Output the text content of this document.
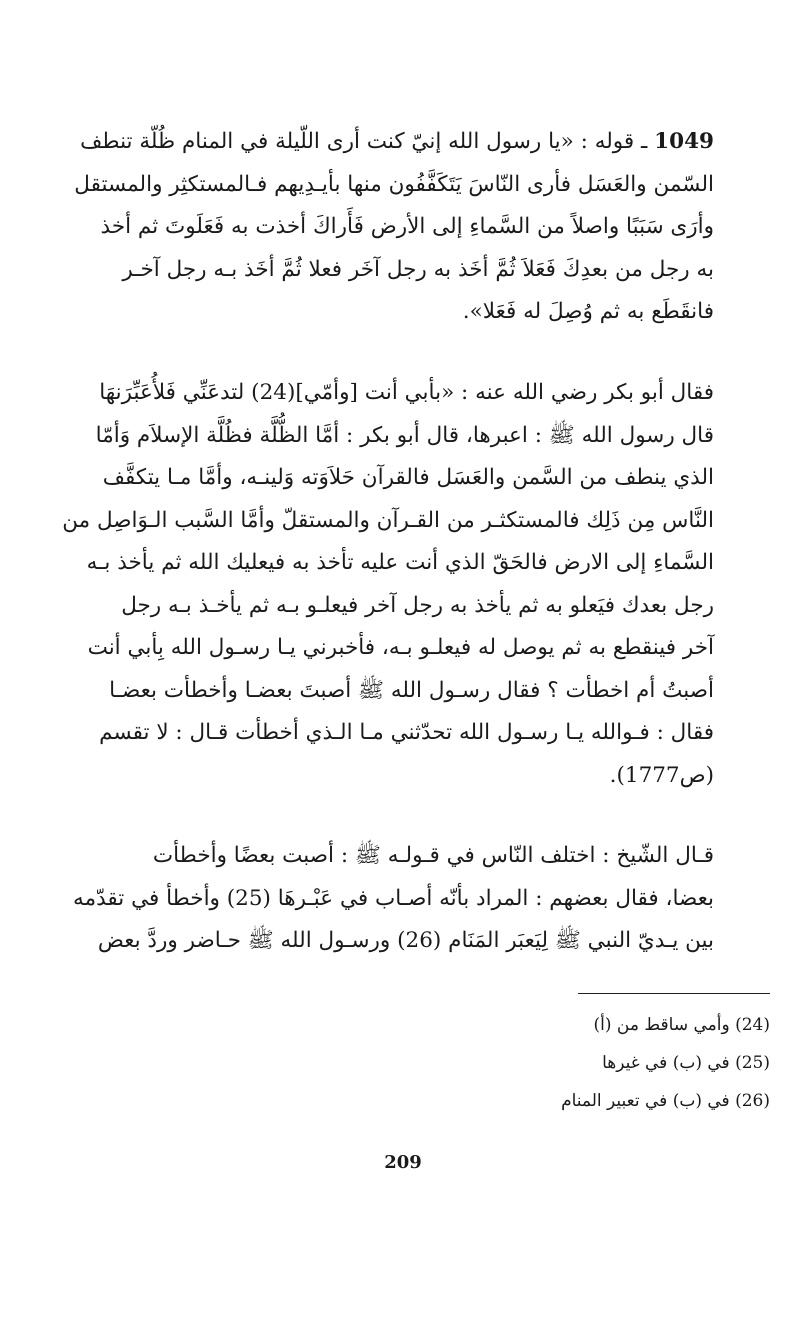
1049 ـ قوله : «يا رسول الله إنيّ كنت أرى اللّيلة في المنام ظُلّة تنطف
السّمن والعَسَل فأرى النّاسَ يَتَكَفَّفُون منها بأيـدِيهم فـالمستكثِر والمستقل
وأرَى سَبَبًا واصلاً من السَّماءِ إلى الأرض فَأَراكَ أخذت به فَعَلَوتَ ثم أخذ
به رجل من بعدِكَ فَعَلاَ ثُمَّ أخَذ به رجل آخَر فعلا ثُمَّ أخَذ بـه رجل آخـر
فانقَطَع به ثم وُصِلَ له فَعَلا».
فقال أبو بكر رضي الله عنه : «بأبي أنت [وأمّي](24) لتدعَنِّي فَلأُعَبِّرَنهَا
قال رسول الله ﷺ : اعبرها، قال أبو بكر : أمَّا الظُّلَّة فظُلَّة الإسلاَم وَأمّا
الذي ينطف من السَّمن والعَسَل فالقرآن حَلاَوَته وَلينـه، وأمَّا مـا يتكفَّف
النَّاس مِن ذَلِك فالمستكثـر من القـرآن والمستقلّ وأمَّا السَّبب الـوَاصِل من
السَّماءِ إلى الارض فالحَقّ الذي أنت عليه تأخذ به فيعليك الله ثم يأخذ بـه
رجل بعدك فيَعلو به ثم يأخذ به رجل آخر فيعلـو بـه ثم يأخـذ بـه رجل
آخر فينقطع به ثم يوصل له فيعلـو بـه، فأخبرني يـا رسـول الله بِأبي أنت
أصبتُ أم اخطأت ؟ فقال رسـول الله ﷺ أصبتَ بعضـا وأخطأت بعضـا
فقال : فـوالله يـا رسـول الله تحدّثني مـا الـذي أخطأت قـال : لا تقسم
(ص1777).
قـال الشّيخ : اختلف النّاس في قـولـه ﷺ : أصبت بعضًا وأخطأت
بعضا، فقال بعضهم : المراد بأنّه أصـاب في عَبْـرهَا (25) وأخطأ في تقدّمه
بين يـديّ النبي ﷺ لِيَعبَر المَنَام (26) ورسـول الله ﷺ حـاضر وردَّ بعض
(24) وأمي ساقط من (أ)
(25) في (ب) في غيرها
(26) في (ب) في تعبير المنام
209
